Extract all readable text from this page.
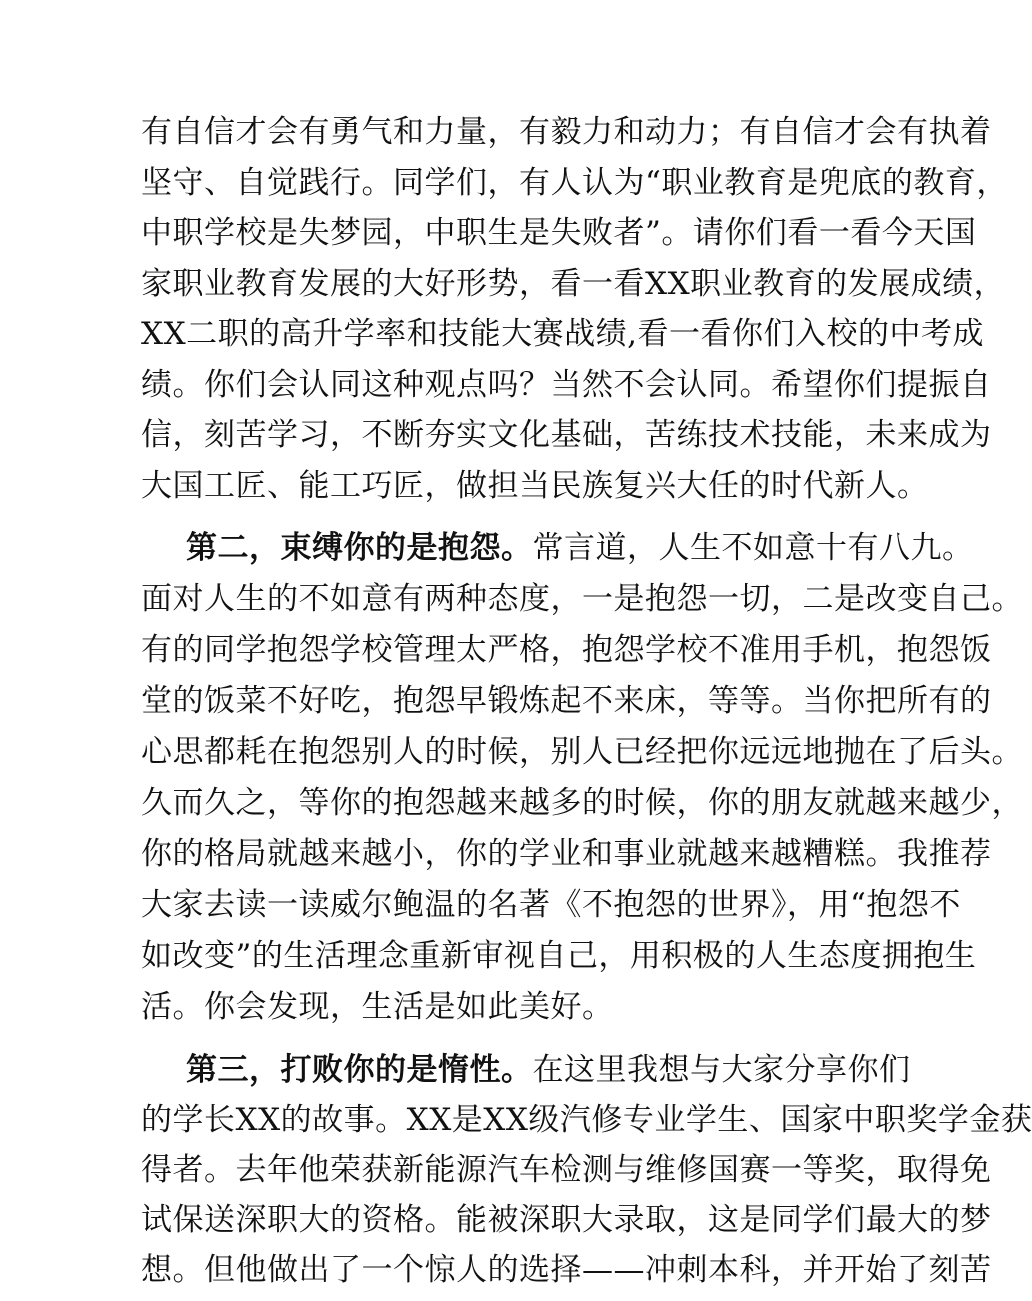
有自信才会有勇气和力量，有毅力和动力；有自信才会有执着
坚守、自觉践行。同学们，有人认为“职业教育是兜底的教育，
中职学校是失梦园，中职生是失败者”。请你们看一看今天国
家职业教育发展的大好形势，看一看XX职业教育的发展成绩，
XX二职的高升学率和技能大赛战绩,看一看你们入校的中考成
绩。你们会认同这种观点吗？当然不会认同。希望你们提振自
信，刻苦学习，不断夯实文化基础，苦练技术技能，未来成为
大国工匠、能工巧匠，做担当民族复兴大任的时代新人。
第二，束缚你的是抱怨。常言道，人生不如意十有八九。
面对人生的不如意有两种态度，一是抱怨一切，二是改变自己。
有的同学抱怨学校管理太严格，抱怨学校不准用手机，抱怨饭
堂的饭菜不好吃，抱怨早锻炼起不来床，等等。当你把所有的
心思都耗在抱怨别人的时候，别人已经把你远远地抛在了后头。
久而久之，等你的抱怨越来越多的时候，你的朋友就越来越少，
你的格局就越来越小，你的学业和事业就越来越糟糕。我推荐
大家去读一读威尔鲍温的名著《不抱怨的世界》，用“抱怨不
如改变”的生活理念重新审视自己，用积极的人生态度拥抱生
活。你会发现，生活是如此美好。
第三，打败你的是惰性。在这里我想与大家分享你们
的学长XX的故事。XX是XX级汽修专业学生、国家中职奖学金获
得者。去年他荣获新能源汽车检测与维修国赛一等奖，取得免
试保送深职大的资格。能被深职大录取，这是同学们最大的梦
想。但他做出了一个惊人的选择——冲刺本科，并开始了刻苦
